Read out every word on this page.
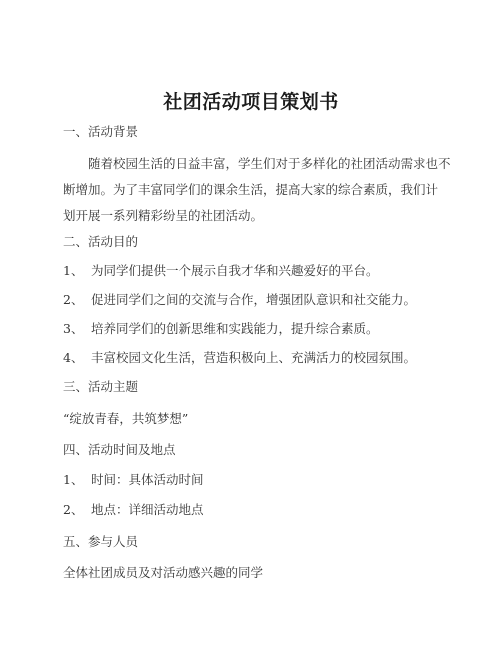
社团活动项目策划书
一、活动背景
随着校园生活的日益丰富，学生们对于多样化的社团活动需求也不
断增加。为了丰富同学们的课余生活，提高大家的综合素质，我们计
划开展一系列精彩纷呈的社团活动。
二、活动目的
1、 为同学们提供一个展示自我才华和兴趣爱好的平台。
2、 促进同学们之间的交流与合作，增强团队意识和社交能力。
3、 培养同学们的创新思维和实践能力，提升综合素质。
4、 丰富校园文化生活，营造积极向上、充满活力的校园氛围。
三、活动主题
“绽放青春，共筑梦想”
四、活动时间及地点
1、 时间：具体活动时间
2、 地点：详细活动地点
五、参与人员
全体社团成员及对活动感兴趣的同学
